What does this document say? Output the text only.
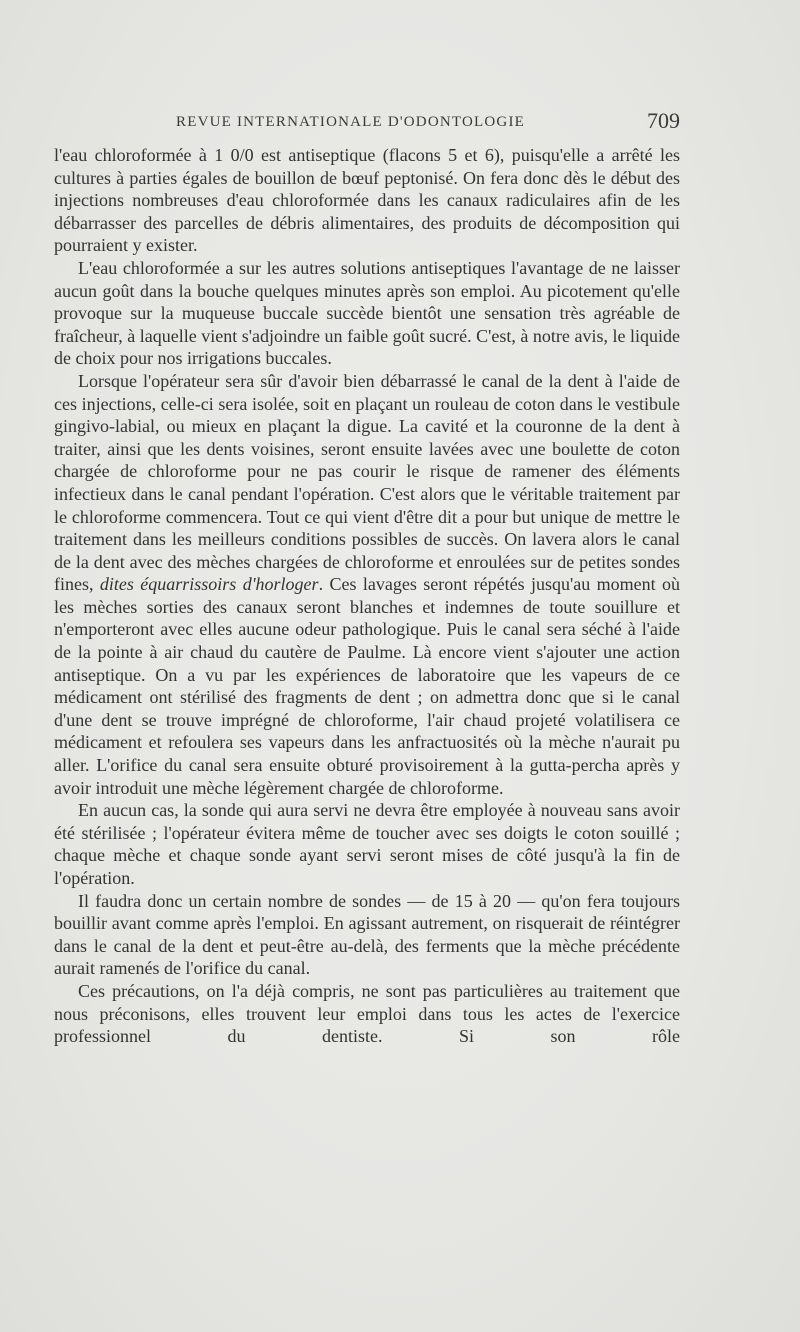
REVUE INTERNATIONALE D'ODONTOLOGIE	709

l'eau chloroformée à 1 0/0 est antiseptique (flacons 5 et 6), puisqu'elle a arrêté les cultures à parties égales de bouillon de bœuf peptonisé. On fera donc dès le début des injections nombreuses d'eau chloroformée dans les canaux radiculaires afin de les débarrasser des parcelles de débris alimentaires, des produits de décomposition qui pourraient y exister.

L'eau chloroformée a sur les autres solutions antiseptiques l'avantage de ne laisser aucun goût dans la bouche quelques minutes après son emploi. Au picotement qu'elle provoque sur la muqueuse buccale succède bientôt une sensation très agréable de fraîcheur, à laquelle vient s'adjoindre un faible goût sucré. C'est, à notre avis, le liquide de choix pour nos irrigations buccales.

Lorsque l'opérateur sera sûr d'avoir bien débarrassé le canal de la dent à l'aide de ces injections, celle-ci sera isolée, soit en plaçant un rouleau de coton dans le vestibule gingivo-labial, ou mieux en plaçant la digue. La cavité et la couronne de la dent à traiter, ainsi que les dents voisines, seront ensuite lavées avec une boulette de coton chargée de chloroforme pour ne pas courir le risque de ramener des éléments infectieux dans le canal pendant l'opération. C'est alors que le véritable traitement par le chloroforme commencera. Tout ce qui vient d'être dit a pour but unique de mettre le traitement dans les meilleurs conditions possibles de succès. On lavera alors le canal de la dent avec des mèches chargées de chloroforme et enroulées sur de petites sondes fines, dites équarrissoirs d'horloger. Ces lavages seront répétés jusqu'au moment où les mèches sorties des canaux seront blanches et indemnes de toute souillure et n'emporteront avec elles aucune odeur pathologique. Puis le canal sera séché à l'aide de la pointe à air chaud du cautère de Paulme. Là encore vient s'ajouter une action antiseptique. On a vu par les expériences de laboratoire que les vapeurs de ce médicament ont stérilisé des fragments de dent ; on admettra donc que si le canal d'une dent se trouve imprégné de chloroforme, l'air chaud projeté volatilisera ce médicament et refoulera ses vapeurs dans les anfractuosités où la mèche n'aurait pu aller. L'orifice du canal sera ensuite obturé provisoirement à la gutta-percha après y avoir introduit une mèche légèrement chargée de chloroforme.

En aucun cas, la sonde qui aura servi ne devra être employée à nouveau sans avoir été stérilisée ; l'opérateur évitera même de toucher avec ses doigts le coton souillé ; chaque mèche et chaque sonde ayant servi seront mises de côté jusqu'à la fin de l'opération.

Il faudra donc un certain nombre de sondes — de 15 à 20 — qu'on fera toujours bouillir avant comme après l'emploi. En agissant autrement, on risquerait de réintégrer dans le canal de la dent et peut-être au-delà, des ferments que la mèche précédente aurait ramenés de l'orifice du canal.

Ces précautions, on l'a déjà compris, ne sont pas particulières au traitement que nous préconisons, elles trouvent leur emploi dans tous les actes de l'exercice professionnel du dentiste. Si son rôle
